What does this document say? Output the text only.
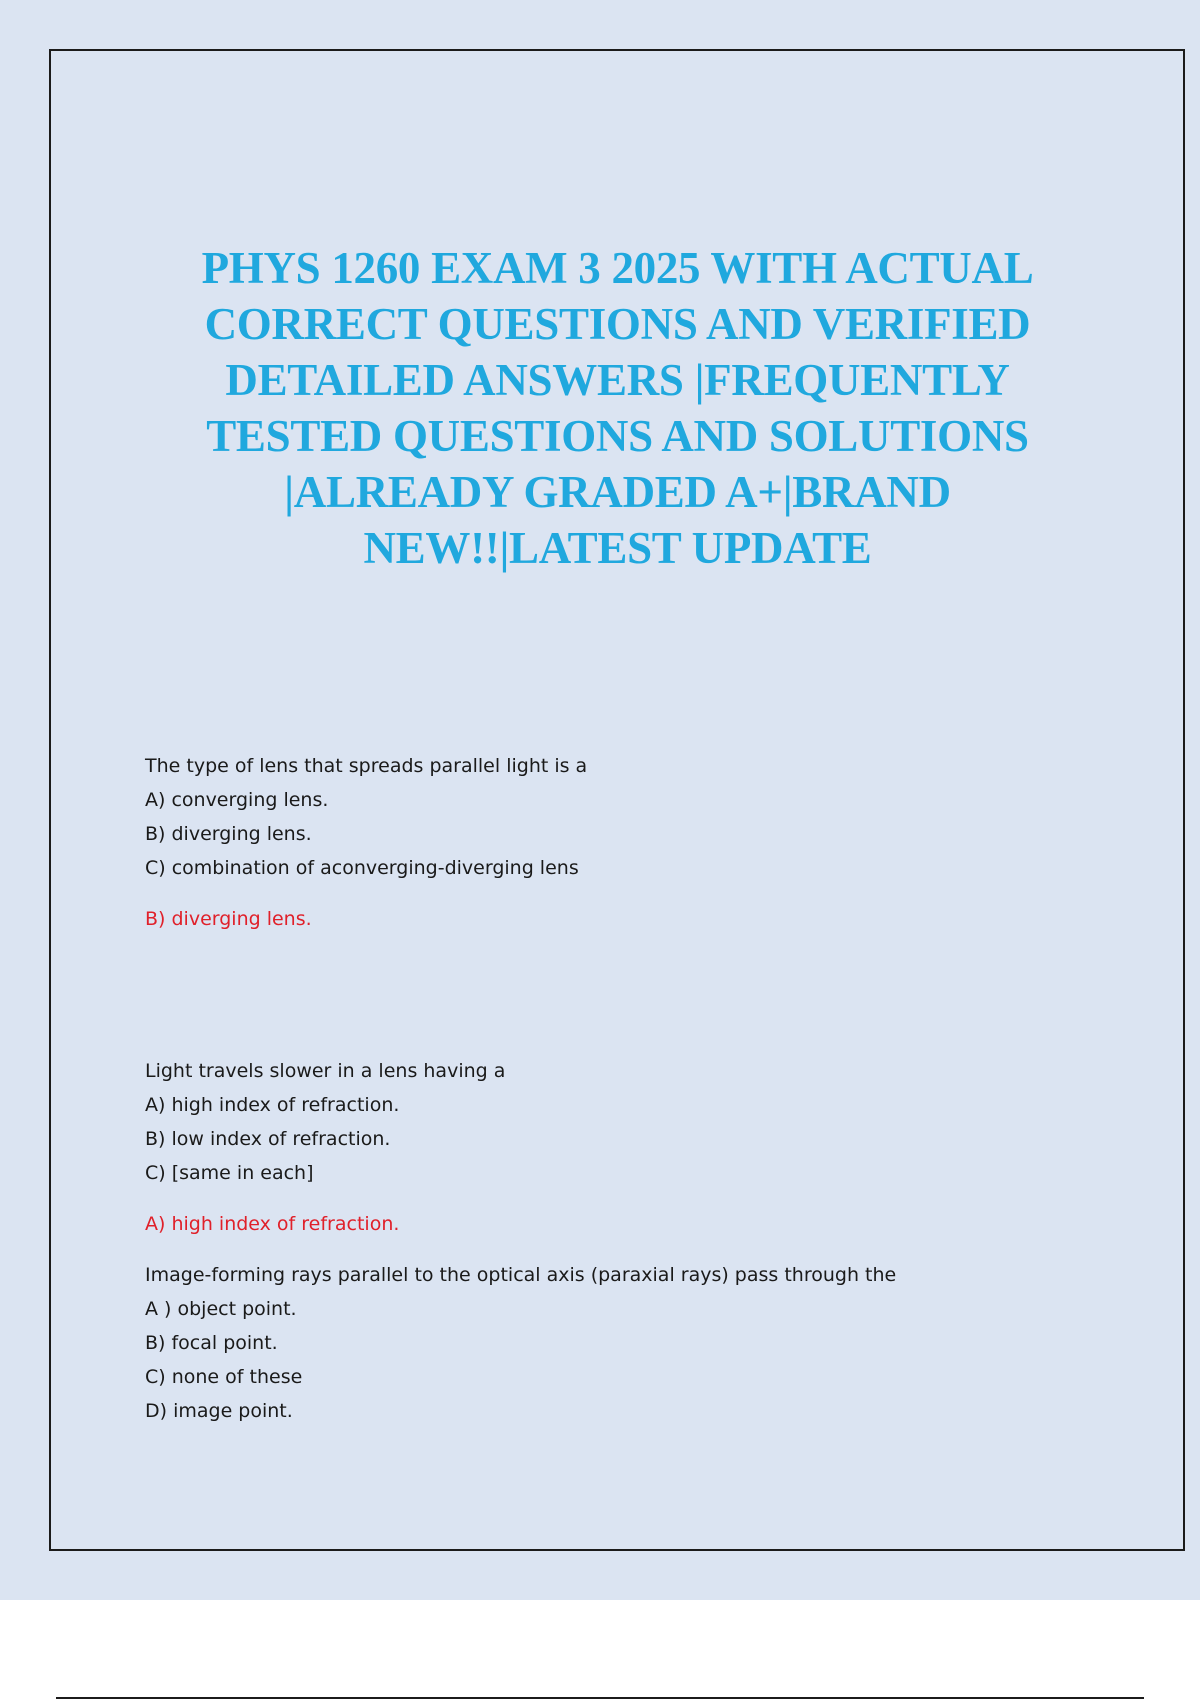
PHYS 1260 EXAM 3 2025 WITH ACTUAL CORRECT QUESTIONS AND VERIFIED DETAILED ANSWERS |FREQUENTLY TESTED QUESTIONS AND SOLUTIONS |ALREADY GRADED A+|BRAND NEW!!|LATEST UPDATE
The type of lens that spreads parallel light is a
A) converging lens.
B) diverging lens.
C) combination of aconverging-diverging lens
B) diverging lens.
Light travels slower in a lens having a
A) high index of refraction.
B) low index of refraction.
C) [same in each]
A) high index of refraction.
Image-forming rays parallel to the optical axis (paraxial rays) pass through the
A ) object point.
B) focal point.
C) none of these
D) image point.
